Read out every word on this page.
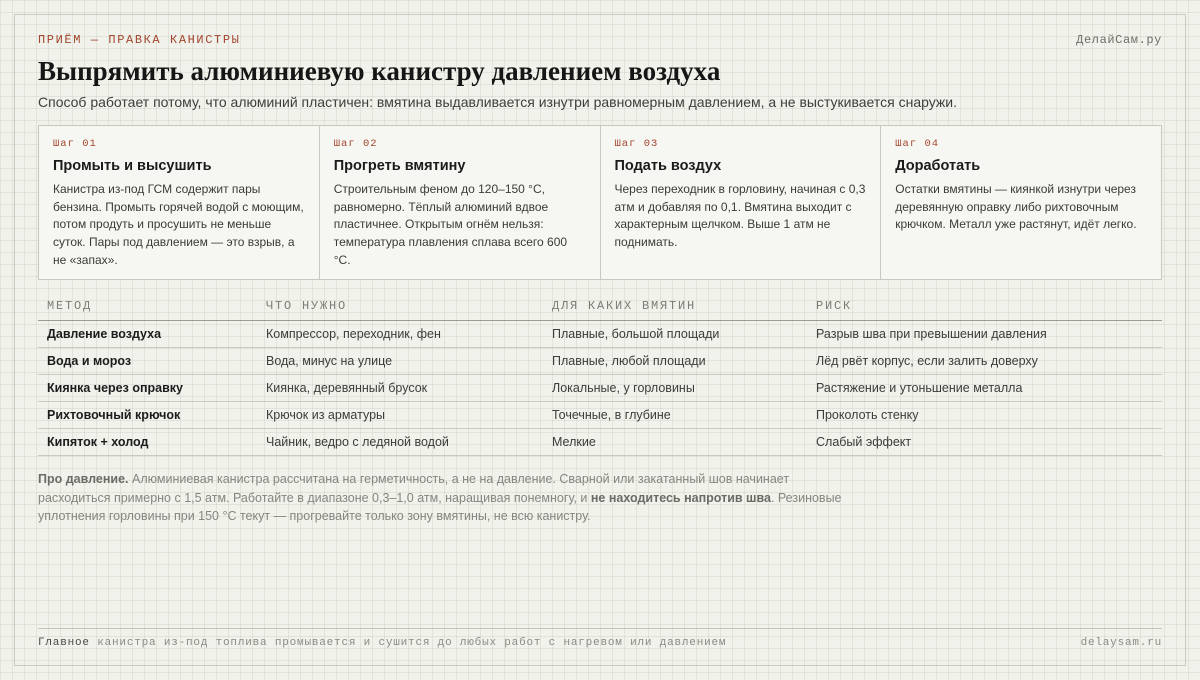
ПРИЁМ — ПРАВКА КАНИСТРЫ	ДелайСам.ру
Выпрямить алюминиевую канистру давлением воздуха

Способ работает потому, что алюминий пластичен: вмятина выдавливается изнутри равномерным давлением, а не выстукивается снаружи.

Шаг 01
Промыть и высушить
Канистра из-под ГСМ содержит пары бензина. Промыть горячей водой с моющим, потом продуть и просушить не меньше суток. Пары под давлением — это взрыв, а не «запах».
Шаг 02
Прогреть вмятину
Строительным феном до 120–150 °С, равномерно. Тёплый алюминий вдвое пластичнее. Открытым огнём нельзя: температура плавления сплава всего 600 °С.
Шаг 03
Подать воздух
Через переходник в горловину, начиная с 0,3 атм и добавляя по 0,1. Вмятина выходит с характерным щелчком. Выше 1 атм не поднимать.
Шаг 04
Доработать
Остатки вмятины — киянкой изнутри через деревянную оправку либо рихтовочным крючком. Металл уже растянут, идёт легко.
МЕТОД	ЧТО НУЖНО	ДЛЯ КАКИХ ВМЯТИН	РИСК
Давление воздуха	Компрессор, переходник, фен	Плавные, большой площади	Разрыв шва при превышении давления
Вода и мороз	Вода, минус на улице	Плавные, любой площади	Лёд рвёт корпус, если залить доверху
Киянка через оправку	Киянка, деревянный брусок	Локальные, у горловины	Растяжение и утоньшение металла
Рихтовочный крючок	Крючок из арматуры	Точечные, в глубине	Проколоть стенку
Кипяток + холод	Чайник, ведро с ледяной водой	Мелкие	Слабый эффект

Про давление. Алюминиевая канистра рассчитана на герметичность, а не на давление. Сварной или закатанный шов начинает расходиться примерно с 1,5 атм. Работайте в диапазоне 0,3–1,0 атм, наращивая понемногу, и не находитесь напротив шва. Резиновые уплотнения горловины при 150 °С текут — прогревайте только зону вмятины, не всю канистру.

Главное канистра из-под топлива промывается и сушится до любых работ с нагревом или давлением	delaysam.ru
